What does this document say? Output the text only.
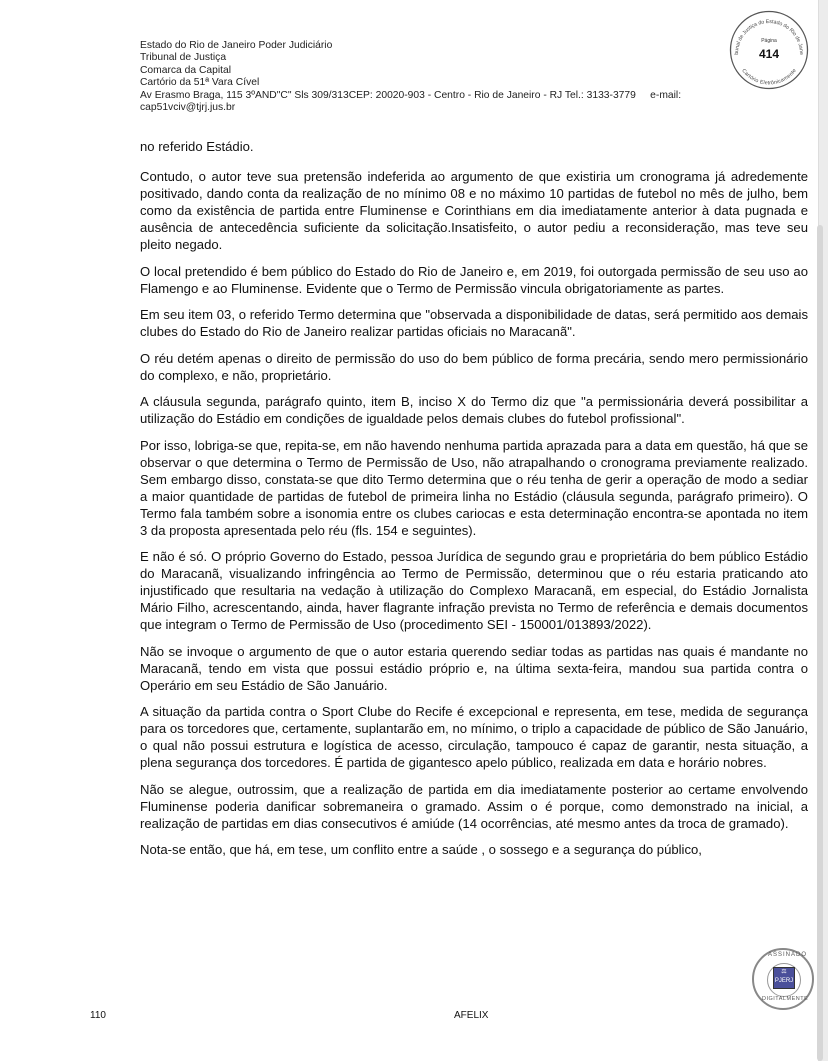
Estado do Rio de Janeiro Poder Judiciário
Tribunal de Justiça
Comarca da Capital
Cartório da 51ª Vara Cível
Av Erasmo Braga, 115 3ºAND"C" Sls 309/313CEP: 20020-903 - Centro - Rio de Janeiro - RJ Tel.: 3133-3779     e-mail:
cap51vciv@tjrj.jus.br
bunal de Justiça do Estado do Rio de Jane
Cartório Eletrônicamente
Página
414

no referido Estádio.

Contudo, o autor teve sua pretensão indeferida ao argumento de que existiria um cronograma já adredemente positivado, dando conta da realização de no mínimo 08 e no máximo 10 partidas de futebol no mês de julho, bem como da existência de partida entre Fluminense e Corinthians em dia imediatamente anterior à data pugnada e ausência de antecedência suficiente da solicitação.Insatisfeito, o autor pediu a reconsideração, mas teve seu pleito negado.

O local pretendido é bem público do Estado do Rio de Janeiro e, em 2019, foi outorgada permissão de seu uso ao Flamengo e ao Fluminense. Evidente que o Termo de Permissão vincula obrigatoriamente as partes.

Em seu item 03, o referido Termo determina que "observada a disponibilidade de datas, será permitido aos demais clubes do Estado do Rio de Janeiro realizar partidas oficiais no Maracanã".

O réu detém apenas o direito de permissão do uso do bem público de forma precária, sendo mero permissionário do complexo, e não, proprietário.

A cláusula segunda, parágrafo quinto, item B, inciso X do Termo diz que "a permissionária deverá possibilitar a utilização do Estádio em condições de igualdade pelos demais clubes do futebol profissional".

Por isso, lobriga-se que, repita-se, em não havendo nenhuma partida aprazada para a data em questão, há que se observar o que determina o Termo de Permissão de Uso, não atrapalhando o cronograma previamente realizado. Sem embargo disso, constata-se que dito Termo determina que o réu tenha de gerir a operação de modo a sediar a maior quantidade de partidas de futebol de primeira linha no Estádio (cláusula segunda, parágrafo primeiro). O Termo fala também sobre a isonomia entre os clubes cariocas e esta determinação encontra-se apontada no item 3 da proposta apresentada pelo réu (fls. 154 e seguintes).

E não é só. O próprio Governo do Estado, pessoa Jurídica de segundo grau e proprietária do bem público Estádio do Maracanã, visualizando infringência ao Termo de Permissão, determinou que o réu estaria praticando ato injustificado que resultaria na vedação à utilização do Complexo Maracanã, em especial, do Estádio Jornalista Mário Filho, acrescentando, ainda, haver flagrante infração prevista no Termo de referência e demais documentos que integram o Termo de Permissão de Uso (procedimento SEI - 150001/013893/2022).

Não se invoque o argumento de que o autor estaria querendo sediar todas as partidas nas quais é mandante no Maracanã, tendo em vista que possui estádio próprio e, na última sexta-feira, mandou sua partida contra o Operário em seu Estádio de São Januário.

A situação da partida contra o Sport Clube do Recife é excepcional e representa, em tese, medida de segurança para os torcedores que, certamente, suplantarão em, no mínimo, o triplo a capacidade de público de São Januário, o qual não possui estrutura e logística de acesso, circulação, tampouco é capaz de garantir, nesta situação, a plena segurança dos torcedores. É partida de gigantesco apelo público, realizada em data e horário nobres.

Não se alegue, outrossim, que a realização de partida em dia imediatamente posterior ao certame envolvendo Fluminense poderia danificar sobremaneira o gramado. Assim o é porque, como demonstrado na inicial, a realização de partidas em dias consecutivos é amiúde (14 ocorrências, até mesmo antes da troca de gramado).

Nota-se então, que há, em tese, um conflito entre a saúde , o sossego e a segurança do público,

ASSINADO
⚖
PJERJ
DIGITALMENTE
110	AFELIX
